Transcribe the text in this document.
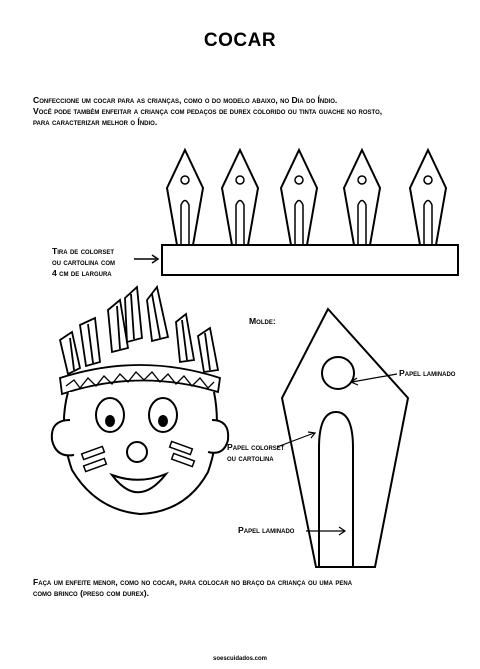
COCAR

Confeccione um cocar para as crianças, como o do modelo abaixo, no Dia do Índio.

Você pode também enfeitar a criança com pedaços de durex colorido ou tinta guache no rosto,

para caracterizar melhor o Índio.

Tira de colorset
ou cartolina com
4 cm de largura
Molde:
Papel laminado
Papel colorset
ou cartolina
Papel laminado

Faça um enfeite menor, como no cocar, para colocar no braço da criança ou uma pena

como brinco (preso com durex).

soescuidados.com
